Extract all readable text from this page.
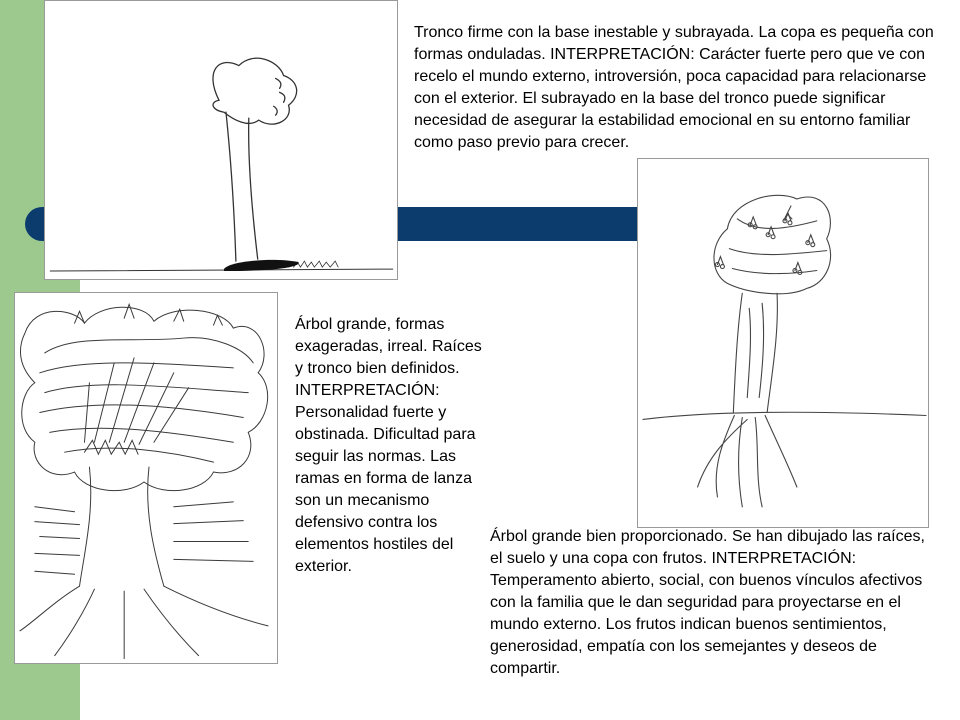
Tronco firme con la base inestable y subrayada. La copa es pequeña con formas onduladas. INTERPRETACIÓN: Carácter fuerte pero que ve con recelo el mundo externo, introversión, poca capacidad para relacionarse con el exterior. El subrayado en la base del tronco puede significar necesidad de asegurar la estabilidad emocional en su entorno familiar como paso previo para crecer.
Árbol grande, formas exageradas, irreal. Raíces y tronco bien definidos. INTERPRETACIÓN: Personalidad fuerte y obstinada. Dificultad para seguir las normas. Las ramas en forma de lanza son un mecanismo defensivo contra los elementos hostiles del exterior.
Árbol grande bien proporcionado. Se han dibujado las raíces, el suelo y una copa con frutos. INTERPRETACIÓN: Temperamento abierto, social, con buenos vínculos afectivos con la familia que le dan seguridad para proyectarse en el mundo externo. Los frutos indican buenos sentimientos, generosidad, empatía con los semejantes y deseos de compartir.
